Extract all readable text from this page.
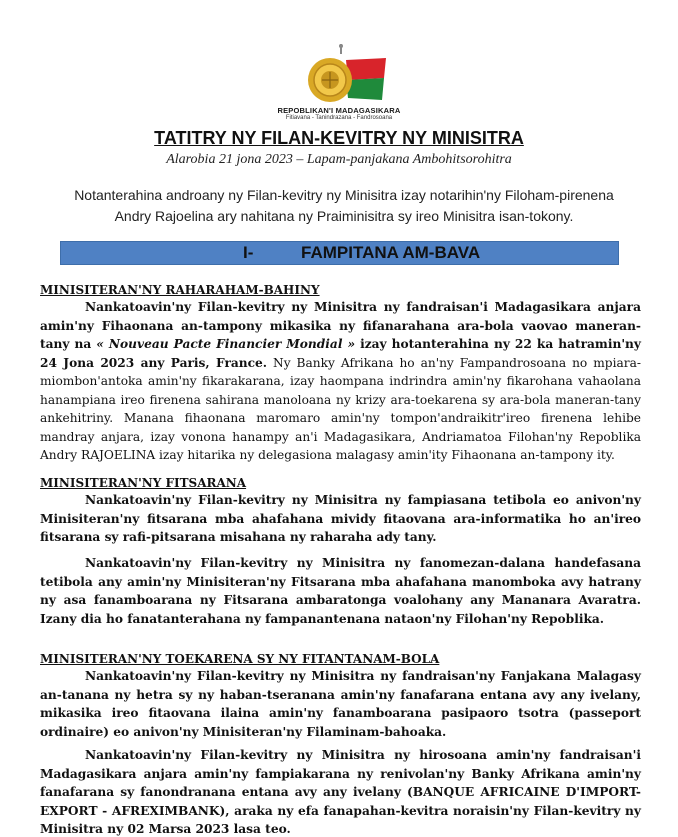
REPOBLIKAN'I MADAGASIKARA
Fitiavana - Tanindrazana - Fandrosoana
TATITRY NY FILAN-KEVITRY NY MINISITRA
Alarobia 21 jona 2023 – Lapam-panjakana Ambohitsorohitra
Notanterahina androany ny Filan-kevitry ny Minisitra izay notarihin'ny Filoham-pirenena Andry Rajoelina ary nahitana ny Praiminisitra sy ireo Minisitra isan-tokony.
I-	FAMPITANA AM-BAVA
MINISITERAN'NY RAHARAHAM-BAHINY
Nankatoavin'ny Filan-kevitry ny Minisitra ny fandraisan'i Madagasikara anjara amin'ny Fihaonana an-tampony mikasika ny fifanarahana ara-bola vaovao maneran-tany na « Nouveau Pacte Financier Mondial » izay hotanterahina ny 22 ka hatramin'ny 24 Jona 2023 any Paris, France. Ny Banky Afrikana ho an'ny Fampandrosoana no mpiara-miombon'antoka amin'ny fikarakarana, izay haompana indrindra amin'ny fikarohana vahaolana hanampiana ireo firenena sahirana manoloana ny krizy ara-toekarena sy ara-bola maneran-tany ankehitriny. Manana fihaonana maromaro amin'ny tompon'andraikitr'ireo firenena lehibe mandray anjara, izay vonona hanampy an'i Madagasikara, Andriamatoa Filohan'ny Repoblika Andry RAJOELINA izay hitarika ny delegasiona malagasy amin'ity Fihaonana an-tampony ity.
MINISITERAN'NY FITSARANA
Nankatoavin'ny Filan-kevitry ny Minisitra ny fampiasana tetibola eo anivon'ny Minisiteran'ny fitsarana mba ahafahana mividy fitaovana ara-informatika ho an'ireo fitsarana sy rafi-pitsarana misahana ny raharaha ady tany.
Nankatoavin'ny Filan-kevitry ny Minisitra ny fanomezan-dalana handefasana tetibola any amin'ny Minisiteran'ny Fitsarana mba ahafahana manomboka avy hatrany ny asa fanamboarana ny Fitsarana ambaratonga voalohany any Mananara Avaratra. Izany dia ho fanatanterahana ny fampanantenana nataon'ny Filohan'ny Repoblika.
MINISITERAN'NY TOEKARENA SY NY FITANTANAM-BOLA
Nankatoavin'ny Filan-kevitry ny Minisitra ny fandraisan'ny Fanjakana Malagasy an-tanana ny hetra sy ny haban-tseranana amin'ny fanafarana entana avy any ivelany, mikasika ireo fitaovana ilaina amin'ny fanamboarana pasipaoro tsotra (passeport ordinaire) eo anivon'ny Minisiteran'ny Filaminam-bahoaka.
Nankatoavin'ny Filan-kevitry ny Minisitra ny hirosoana amin'ny fandraisan'i Madagasikara anjara amin'ny fampiakarana ny renivolan'ny Banky Afrikana amin'ny fanafarana sy fanondranana entana avy any ivelany (BANQUE AFRICAINE D'IMPORT-EXPORT - AFREXIMBANK), araka ny efa fanapahan-kevitra noraisin'ny Filan-kevitry ny Minisitra ny 02 Marsa 2023 lasa teo.
